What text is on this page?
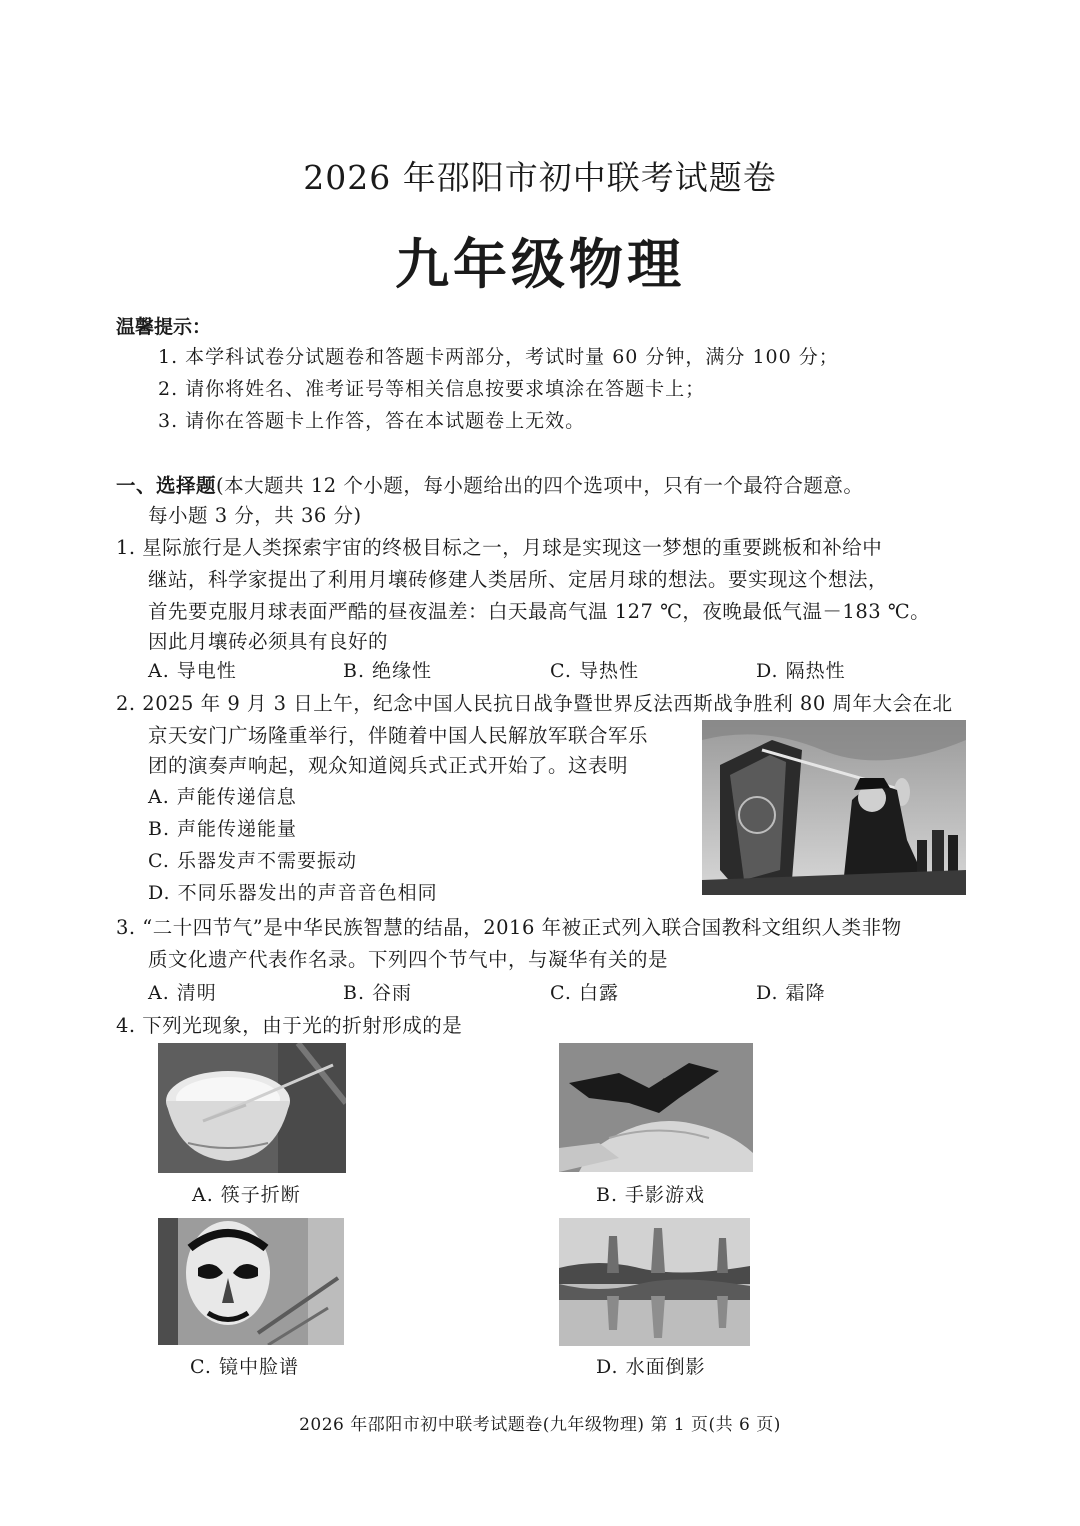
2026 年邵阳市初中联考试题卷
九年级物理
温馨提示：
1. 本学科试卷分试题卷和答题卡两部分，考试时量 60 分钟，满分 100 分；
2. 请你将姓名、准考证号等相关信息按要求填涂在答题卡上；
3. 请你在答题卡上作答，答在本试题卷上无效。
一、选择题(本大题共 12 个小题，每小题给出的四个选项中，只有一个最符合题意。
每小题 3 分，共 36 分)
1. 星际旅行是人类探索宇宙的终极目标之一，月球是实现这一梦想的重要跳板和补给中
继站，科学家提出了利用月壤砖修建人类居所、定居月球的想法。要实现这个想法，
首先要克服月球表面严酷的昼夜温差：白天最高气温 127 ℃，夜晚最低气温－183 ℃。
因此月壤砖必须具有良好的
A. 导电性	B. 绝缘性	C. 导热性	D. 隔热性
2. 2025 年 9 月 3 日上午，纪念中国人民抗日战争暨世界反法西斯战争胜利 80 周年大会在北
京天安门广场隆重举行，伴随着中国人民解放军联合军乐
团的演奏声响起，观众知道阅兵式正式开始了。这表明
A. 声能传递信息
B. 声能传递能量
C. 乐器发声不需要振动
D. 不同乐器发出的声音音色相同
3. “二十四节气”是中华民族智慧的结晶，2016 年被正式列入联合国教科文组织人类非物
质文化遗产代表作名录。下列四个节气中，与凝华有关的是
A. 清明	B. 谷雨	C. 白露	D. 霜降
4. 下列光现象，由于光的折射形成的是
A. 筷子折断	B. 手影游戏
C. 镜中脸谱	D. 水面倒影
2026 年邵阳市初中联考试题卷(九年级物理) 第 1 页(共 6 页)
